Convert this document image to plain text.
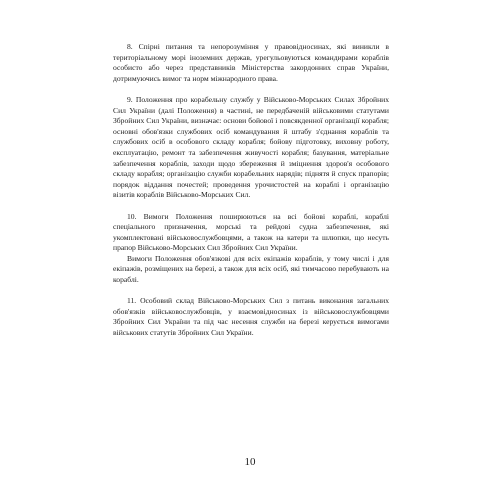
8. Спірні питання та непорозуміння у правовідносинах, які виникли в територіальному морі іноземних держав, урегульовуються командирами кораблів особисто або через представників Міністерства закордонних справ України, дотримуючись вимог та норм міжнародного права.

9. Положення про корабельну службу у Військово-Морських Силах Збройних Сил України (далі Положення) в частині, не передбаченій військовими статутами Збройних Сил України, визначає: основи бойової і повсякденної організації корабля; основні обов'язки службових осіб командування й штабу з'єднання кораблів та службових осіб в особового складу корабля; бойову підготовку, виховну роботу, експлуатацію, ремонт та забезпечення живучості корабля; базування, матеріальне забезпечення кораблів, заходи щодо збереження й зміцнення здоров'я особового складу корабля; організацію служби корабельних нарядів; піднятя й спуск прапорів; порядок віддання почестей; проведення урочистостей на кораблі і організацію візитів кораблів Військово-Морських Сил.

10. Вимоги Положення поширюються на всі бойові кораблі, кораблі спеціального призначення, морські та рейдові судна забезпечення, які укомплектовані військовослужбовцями, а також на катери та шлюпки, що несуть прапор Військово-Морських Сил Збройних Сил України.

Вимоги Положення обов'язкові для всіх екіпажів кораблів, у тому числі і для екіпажів, розміщених на березі, а також для всіх осіб, які тимчасово перебувають на кораблі.

11. Особовий склад Військово-Морських Сил з питань виконання загальних обов'язків військовослужбовців, у взаємовідносинах із військовослужбовцями Збройних Сил України та під час несення служби на березі керується вимогами військових статутів Збройних Сил України.

10
